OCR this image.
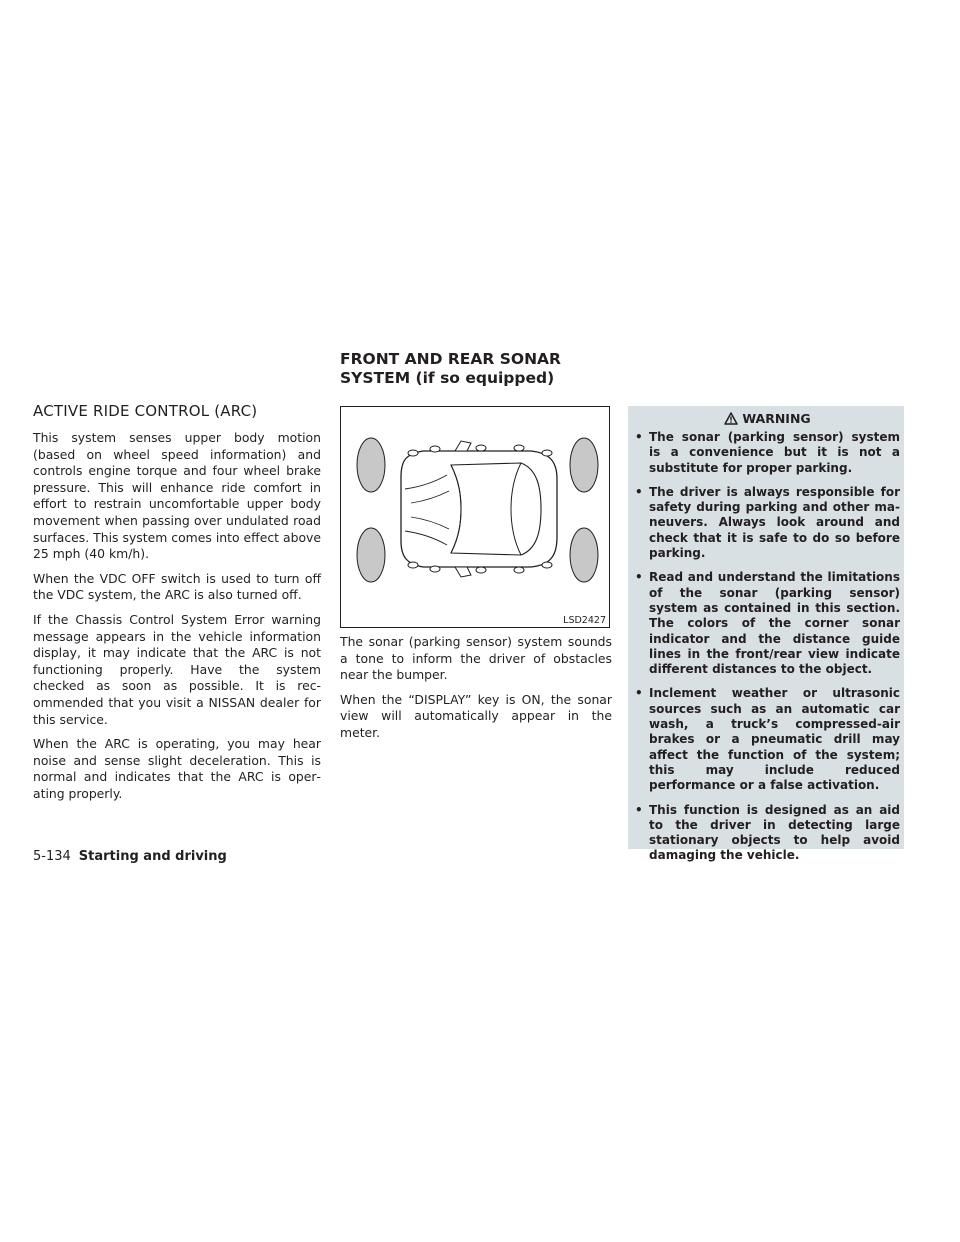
FRONT AND REAR SONAR SYSTEM (if so equipped)
ACTIVE RIDE CONTROL (ARC)

This system senses upper body motion (based on wheel speed information) and controls engine torque and four wheel brake pressure. This will enhance ride comfort in effort to restrain uncomfortable upper body movement when passing over undulated road surfaces. This system comes into effect above 25 mph (40 km/h).

When the VDC OFF switch is used to turn off the VDC system, the ARC is also turned off.

If the Chassis Control System Error warning message appears in the vehicle information display, it may indicate that the ARC is not functioning properly. Have the system checked as soon as possible. It is recommended that you visit a NISSAN dealer for this service.

When the ARC is operating, you may hear noise and sense slight deceleration. This is normal and indicates that the ARC is operating properly.

LSD2427

The sonar (parking sensor) system sounds a tone to inform the driver of obstacles near the bumper.

When the “DISPLAY” key is ON, the sonar view will automatically appear in the meter.

WARNING
• The sonar (parking sensor) system is a convenience but it is not a substitute for proper parking.
• The driver is always responsible for safety during parking and other maneuvers. Always look around and check that it is safe to do so before parking.
• Read and understand the limitations of the sonar (parking sensor) system as contained in this section. The colors of the corner sonar indicator and the distance guide lines in the front/rear view indicate different distances to the object.
• Inclement weather or ultrasonic sources such as an automatic car wash, a truck’s compressed-air brakes or a pneumatic drill may affect the function of the system; this may include reduced performance or a false activation.
• This function is designed as an aid to the driver in detecting large stationary objects to help avoid damaging the vehicle.
5-134 Starting and driving
